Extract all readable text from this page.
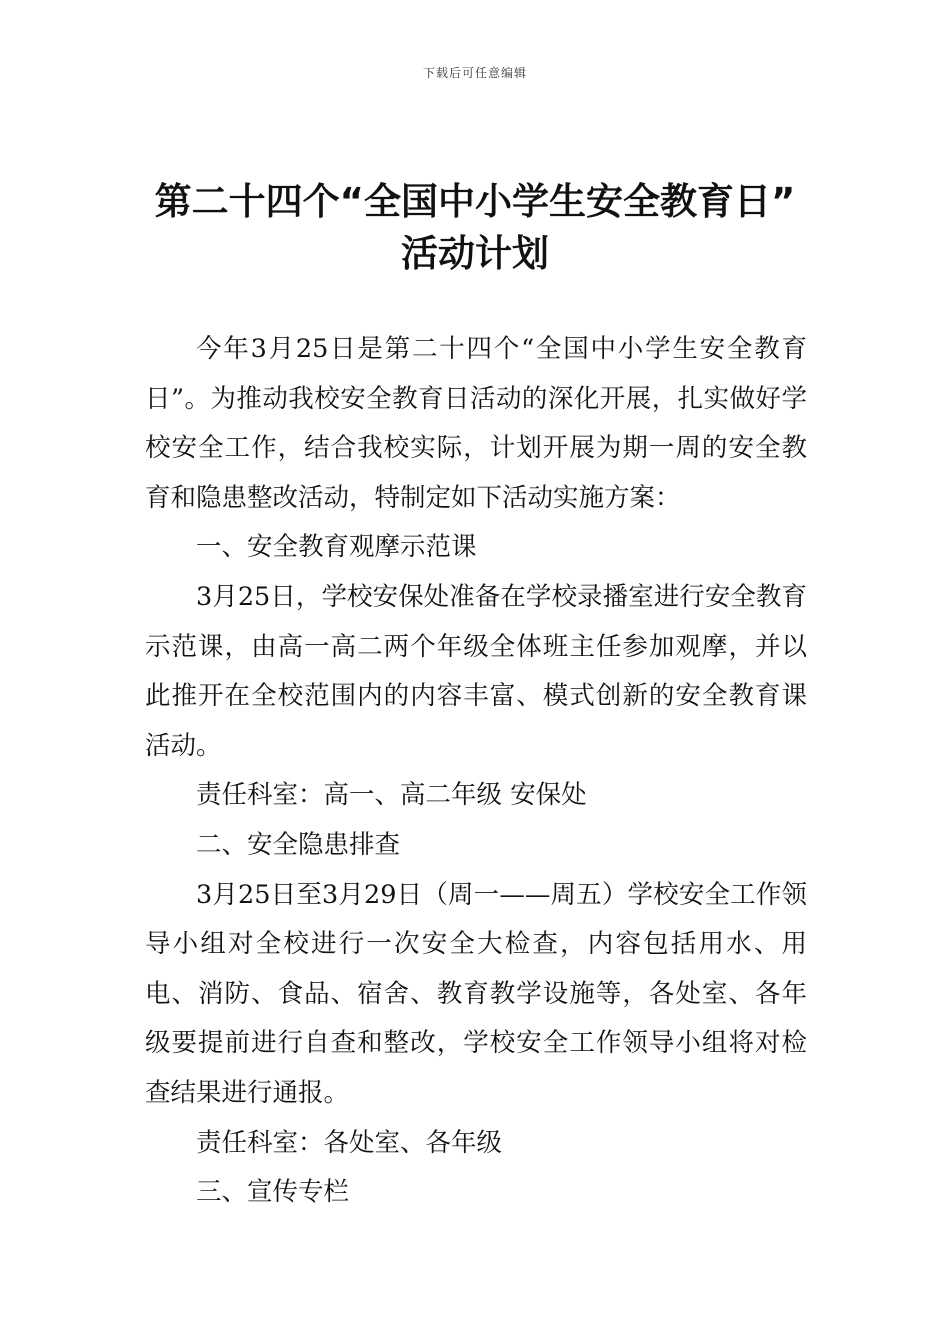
下载后可任意编辑
第二十四个“全国中小学生安全教育日”
活动计划

今年3月25日是第二十四个“全国中小学生安全教育日”。为推动我校安全教育日活动的深化开展，扎实做好学校安全工作，结合我校实际，计划开展为期一周的安全教育和隐患整改活动，特制定如下活动实施方案：

一、安全教育观摩示范课

3月25日，学校安保处准备在学校录播室进行安全教育示范课，由高一高二两个年级全体班主任参加观摩，并以此推开在全校范围内的内容丰富、模式创新的安全教育课活动。

责任科室：高一、高二年级 安保处

二、安全隐患排查

3月25日至3月29日（周一——周五）学校安全工作领导小组对全校进行一次安全大检查，内容包括用水、用电、消防、食品、宿舍、教育教学设施等，各处室、各年级要提前进行自查和整改，学校安全工作领导小组将对检查结果进行通报。

责任科室：各处室、各年级

三、宣传专栏
